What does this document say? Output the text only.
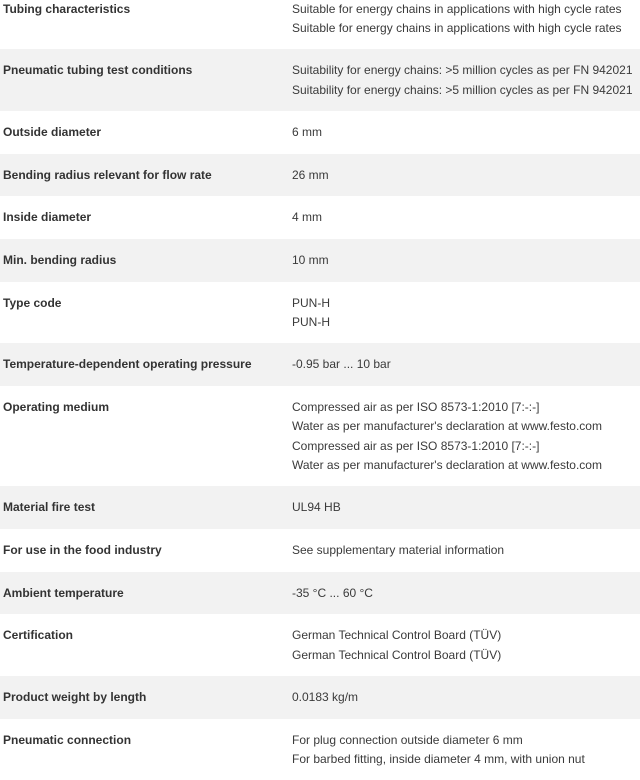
Tubing characteristics	Suitable for energy chains in applications with high cycle rates
Suitable for energy chains in applications with high cycle rates
Pneumatic tubing test conditions	Suitability for energy chains: >5 million cycles as per FN 942021
Suitability for energy chains: >5 million cycles as per FN 942021
Outside diameter	6 mm
Bending radius relevant for flow rate	26 mm
Inside diameter	4 mm
Min. bending radius	10 mm
Type code	PUN-H
PUN-H
Temperature-dependent operating pressure	-0.95 bar ... 10 bar
Operating medium	Compressed air as per ISO 8573-1:2010 [7:-:-]
Water as per manufacturer's declaration at www.festo.com
Compressed air as per ISO 8573-1:2010 [7:-:-]
Water as per manufacturer's declaration at www.festo.com
Material fire test	UL94 HB
For use in the food industry	See supplementary material information
Ambient temperature	-35 °C ... 60 °C
Certification	German Technical Control Board (TÜV)
German Technical Control Board (TÜV)
Product weight by length	0.0183 kg/m
Pneumatic connection	For plug connection outside diameter 6 mm
For barbed fitting, inside diameter 4 mm, with union nut
